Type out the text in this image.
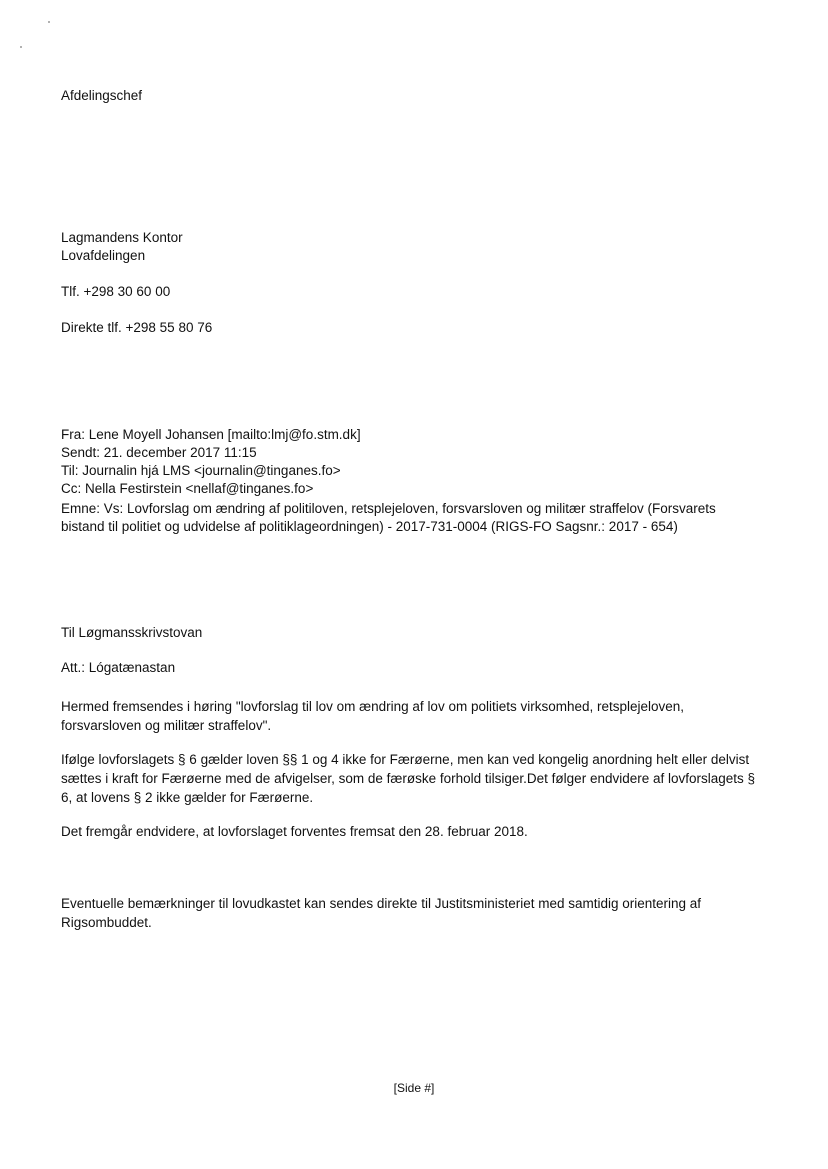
Afdelingschef

Lagmandens Kontor

Lovafdelingen

Tlf. +298 30 60 00

Direkte tlf. +298 55 80 76

Fra: Lene Moyell Johansen [mailto:lmj@fo.stm.dk]

Sendt: 21. december 2017 11:15

Til: Journalin hjá LMS <journalin@tinganes.fo>

Cc: Nella Festirstein <nellaf@tinganes.fo>

Emne: Vs: Lovforslag om ændring af politiloven, retsplejeloven, forsvarsloven og militær straffelov (Forsvarets

bistand til politiet og udvidelse af politiklageordningen) - 2017-731-0004 (RIGS-FO Sagsnr.: 2017 - 654)

Til Løgmansskrivstovan

Att.: Lógatænastan

Hermed fremsendes i høring "lovforslag til lov om ændring af lov om politiets virksomhed, retsplejeloven, forsvarsloven og militær straffelov".

Ifølge lovforslagets § 6 gælder loven §§ 1 og 4 ikke for Færøerne, men kan ved kongelig anordning helt eller delvist sættes i kraft for Færøerne med de afvigelser, som de færøske forhold tilsiger.Det følger endvidere af lovforslagets § 6, at lovens § 2 ikke gælder for Færøerne.

Det fremgår endvidere, at lovforslaget forventes fremsat den 28. februar 2018.

Eventuelle bemærkninger til lovudkastet kan sendes direkte til Justitsministeriet med samtidig orientering af Rigsombuddet.

[Side #]
